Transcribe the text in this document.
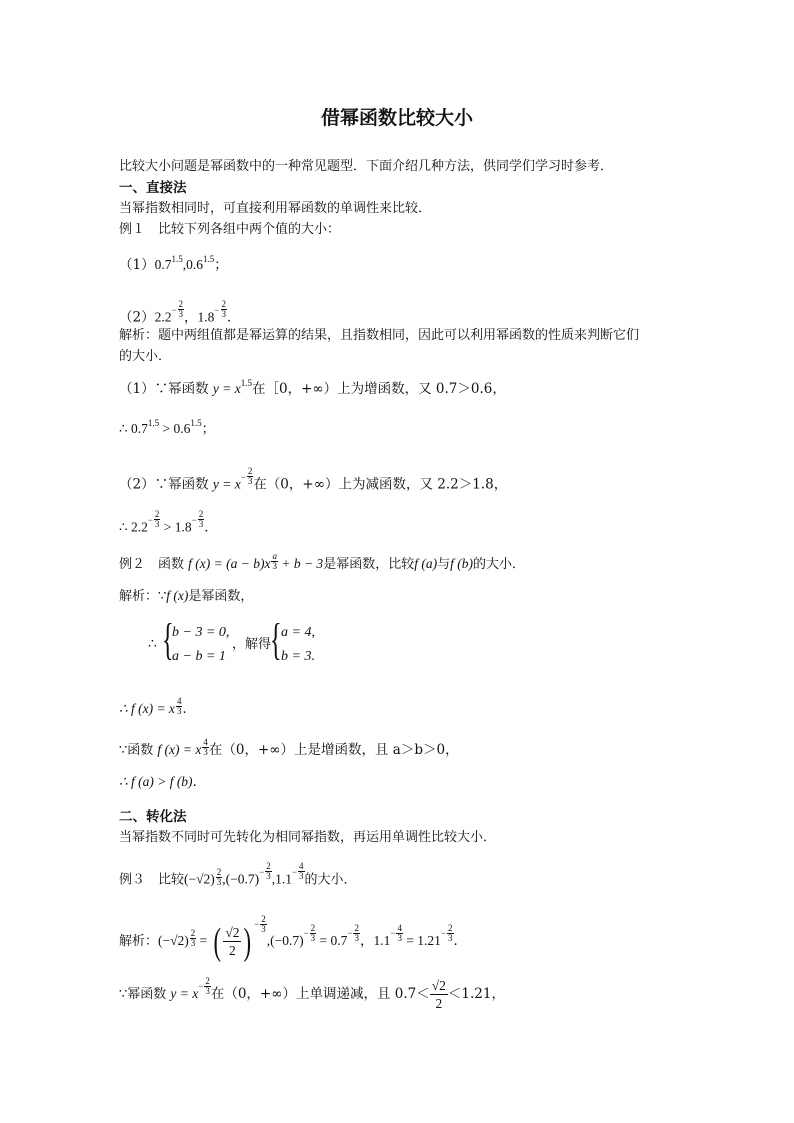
借幂函数比较大小
比较大小问题是幂函数中的一种常见题型．下面介绍几种方法，供同学们学习时参考．
一、直接法
当幂指数相同时，可直接利用幂函数的单调性来比较．
例１　比较下列各组中两个值的大小：
$(1)0.7^{1.5},0.6^{1.5}$；
$(2)2.2 - \frac{2}{3}$ ，$1.8 - \frac{2}{3}$ ．
解析：题中两组值都是幂运算的结果，且指数相同，因此可以利用幂函数的性质来判断它们
的大小．
（1）∵幂函数 $y = x^{1.5}$在［0，+∞）上为增函数，又 0.7＞0.6，
∴ $0.7^{1.5} > 0.6^{1.5}$；
（2）∵幂函数 $y = x - \frac{2}{3}$ 在（0，+∞）上为减函数，又 2.2＞1.8，
∴ $2.2 - \frac{2}{3} > 1.8 - \frac{2}{3}$ ．
例２　函数 f $(x) = (a - b)x \frac{a}{3} + b - 3$是幂函数，比较f (a)与f (b)的大小．
解析：∵f (x)是幂函数，
∴ {
b − 3 = 0,
a − b = 1
，解得
{ a = 4,
b = 3.
∴ f (x) = x $\frac{4}{3}$ ．
∵函数 f (x) = x $\frac{4}{3}$ 在（0，+∞）上是增函数，且 a＞b＞0，
∴ f (a) > f (b)．
二、转化法
当幂指数不同时可先转化为相同幂指数，再运用单调性比较大小．
例３　比较$(-√2) \frac{2}{3} ,(-0.7) - \frac{2}{3} ,1.1 - \frac{4}{3}$ 的大小．
解析：$(-√2) \frac{2}{3}$ = ( $\frac{√2}{2}$ ) − $\frac{2}{3}$
$,(-0.7) - \frac{2}{3} = 0.7 - \frac{2}{3}$ ，$1.1 - \frac{4}{3} = 1.21 - \frac{2}{3}$ ．
∵幂函数 $y = x - \frac{2}{3}$ 在（0，+∞）上单调递减，且 $0.7< \frac{√2}{2} <1.21$，
